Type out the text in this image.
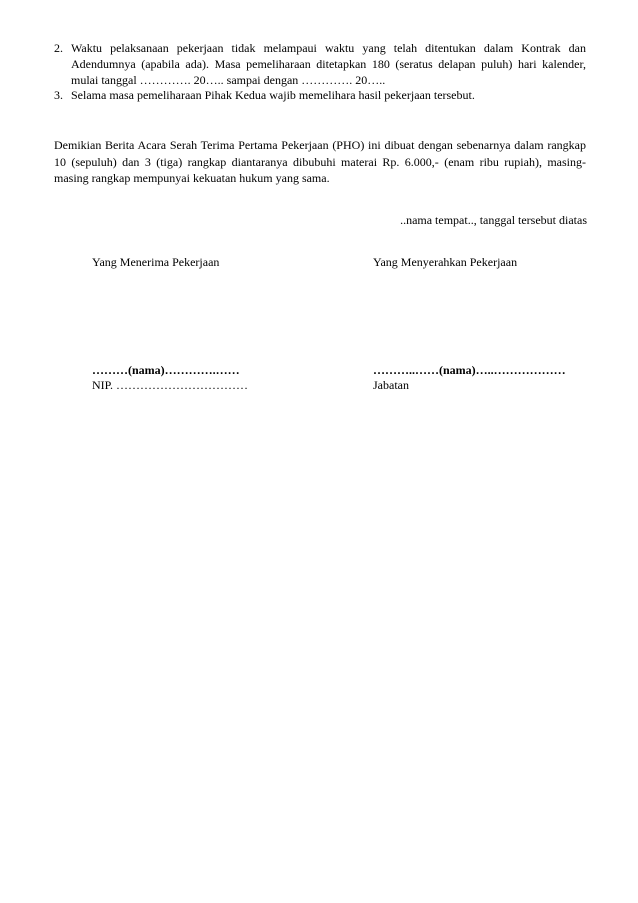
2. Waktu pelaksanaan pekerjaan tidak melampaui waktu yang telah ditentukan dalam Kontrak dan Adendumnya (apabila ada). Masa pemeliharaan ditetapkan 180 (seratus delapan puluh) hari kalender, mulai tanggal …………. 20….. sampai dengan …………. 20…..

3. Selama masa pemeliharaan Pihak Kedua wajib memelihara hasil pekerjaan tersebut.

Demikian Berita Acara Serah Terima Pertama Pekerjaan (PHO) ini dibuat dengan sebenarnya dalam rangkap 10 (sepuluh) dan 3 (tiga) rangkap diantaranya dibubuhi materai Rp. 6.000,- (enam ribu rupiah), masing-masing rangkap mempunyai kekuatan hukum yang sama.

..nama tempat.., tanggal tersebut diatas

Yang Menerima Pekerjaan	Yang Menyerahkan Pekerjaan

………(nama)………….……	………..……(nama)…..………………

NIP. ……………………………	Jabatan
